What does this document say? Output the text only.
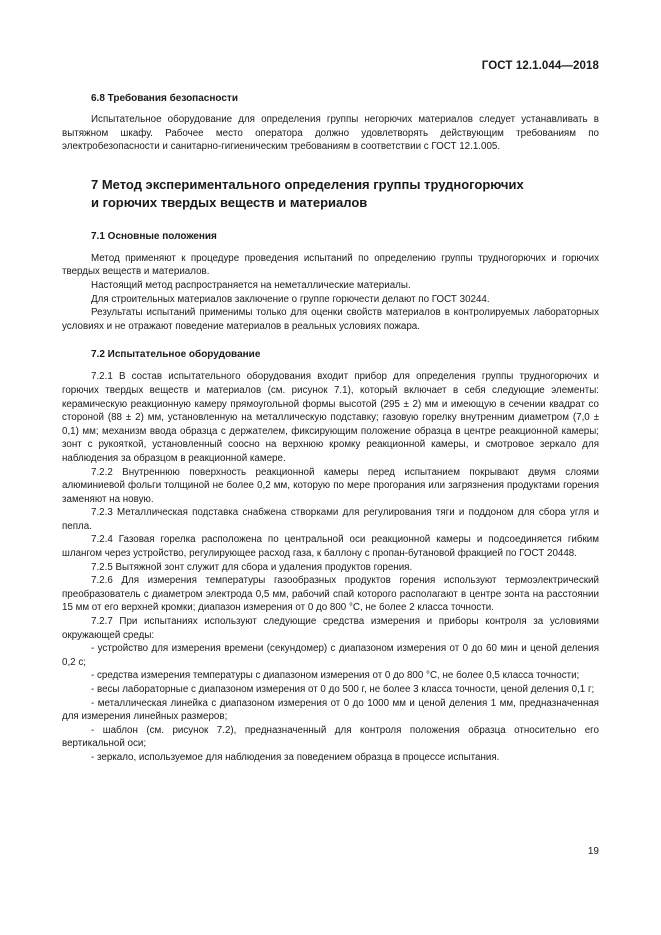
ГОСТ 12.1.044—2018
6.8 Требования безопасности

Испытательное оборудование для определения группы негорючих материалов следует устанавливать в вытяжном шкафу. Рабочее место оператора должно удовлетворять действующим требованиям по электробезопасности и санитарно-гигиеническим требованиям в соответствии с ГОСТ 12.1.005.

7 Метод экспериментального определения группы трудногорючих
и горючих твердых веществ и материалов
7.1 Основные положения

Метод применяют к процедуре проведения испытаний по определению группы трудногорючих и горючих твердых веществ и материалов.

Настоящий метод распространяется на неметаллические материалы.

Для строительных материалов заключение о группе горючести делают по ГОСТ 30244.

Результаты испытаний применимы только для оценки свойств материалов в контролируемых лабораторных условиях и не отражают поведение материалов в реальных условиях пожара.

7.2 Испытательное оборудование

7.2.1 В состав испытательного оборудования входит прибор для определения группы трудногорючих и горючих твердых веществ и материалов (см. рисунок 7.1), который включает в себя следующие элементы: керамическую реакционную камеру прямоугольной формы высотой (295 ± 2) мм и имеющую в сечении квадрат со стороной (88 ± 2) мм, установленную на металлическую подставку; газовую горелку внутренним диаметром (7,0 ± 0,1) мм; механизм ввода образца с держателем, фиксирующим положение образца в центре реакционной камеры; зонт с рукояткой, установленный соосно на верхнюю кромку реакционной камеры, и смотровое зеркало для наблюдения за образцом в реакционной камере.

7.2.2 Внутреннюю поверхность реакционной камеры перед испытанием покрывают двумя слоями алюминиевой фольги толщиной не более 0,2 мм, которую по мере прогорания или загрязнения продуктами горения заменяют на новую.

7.2.3 Металлическая подставка снабжена створками для регулирования тяги и поддоном для сбора угля и пепла.

7.2.4 Газовая горелка расположена по центральной оси реакционной камеры и подсоединяется гибким шлангом через устройство, регулирующее расход газа, к баллону с пропан-бутановой фракцией по ГОСТ 20448.

7.2.5 Вытяжной зонт служит для сбора и удаления продуктов горения.

7.2.6 Для измерения температуры газообразных продуктов горения используют термоэлектрический преобразователь с диаметром электрода 0,5 мм, рабочий спай которого располагают в центре зонта на расстоянии 15 мм от его верхней кромки; диапазон измерения от 0 до 800 °С, не более 2 класса точности.

7.2.7 При испытаниях используют следующие средства измерения и приборы контроля за условиями окружающей среды:

- устройство для измерения времени (секундомер) с диапазоном измерения от 0 до 60 мин и ценой деления 0,2 с;

- средства измерения температуры с диапазоном измерения от 0 до 800 °С, не более 0,5 класса точности;

- весы лабораторные с диапазоном измерения от 0 до 500 г, не более 3 класса точности, ценой деления 0,1 г;

- металлическая линейка с диапазоном измерения от 0 до 1000 мм и ценой деления 1 мм, предназначенная для измерения линейных размеров;

- шаблон (см. рисунок 7.2), предназначенный для контроля положения образца относительно его вертикальной оси;

- зеркало, используемое для наблюдения за поведением образца в процессе испытания.

19
